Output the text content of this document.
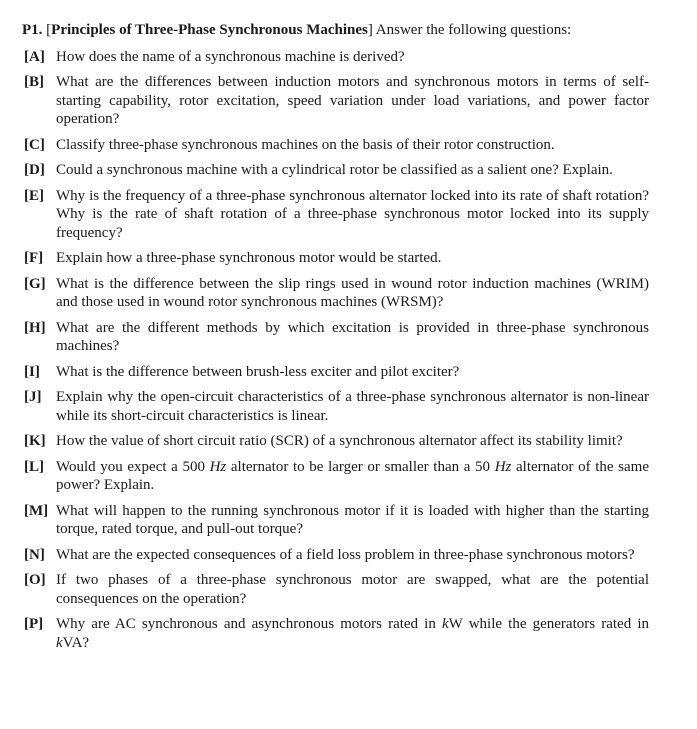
P1. [Principles of Three-Phase Synchronous Machines] Answer the following questions:
[A] How does the name of a synchronous machine is derived?
[B] What are the differences between induction motors and synchronous motors in terms of self-starting capability, rotor excitation, speed variation under load variations, and power factor operation?
[C] Classify three-phase synchronous machines on the basis of their rotor construction.
[D] Could a synchronous machine with a cylindrical rotor be classified as a salient one? Explain.
[E] Why is the frequency of a three-phase synchronous alternator locked into its rate of shaft rotation? Why is the rate of shaft rotation of a three-phase synchronous motor locked into its supply frequency?
[F] Explain how a three-phase synchronous motor would be started.
[G] What is the difference between the slip rings used in wound rotor induction machines (WRIM) and those used in wound rotor synchronous machines (WRSM)?
[H] What are the different methods by which excitation is provided in three-phase synchronous machines?
[I]	What is the difference between brush-less exciter and pilot exciter?
[J] Explain why the open-circuit characteristics of a three-phase synchronous alternator is non-linear while its short-circuit characteristics is linear.
[K] How the value of short circuit ratio (SCR) of a synchronous alternator affect its stability limit?
[L] Would you expect a 500 Hz alternator to be larger or smaller than a 50 Hz alternator of the same power? Explain.
[M] What will happen to the running synchronous motor if it is loaded with higher than the starting torque, rated torque, and pull-out torque?
[N] What are the expected consequences of a field loss problem in three-phase synchronous motors?
[O] If two phases of a three-phase synchronous motor are swapped, what are the potential consequences on the operation?
[P] Why are AC synchronous and asynchronous motors rated in kW while the generators rated in kVA?
